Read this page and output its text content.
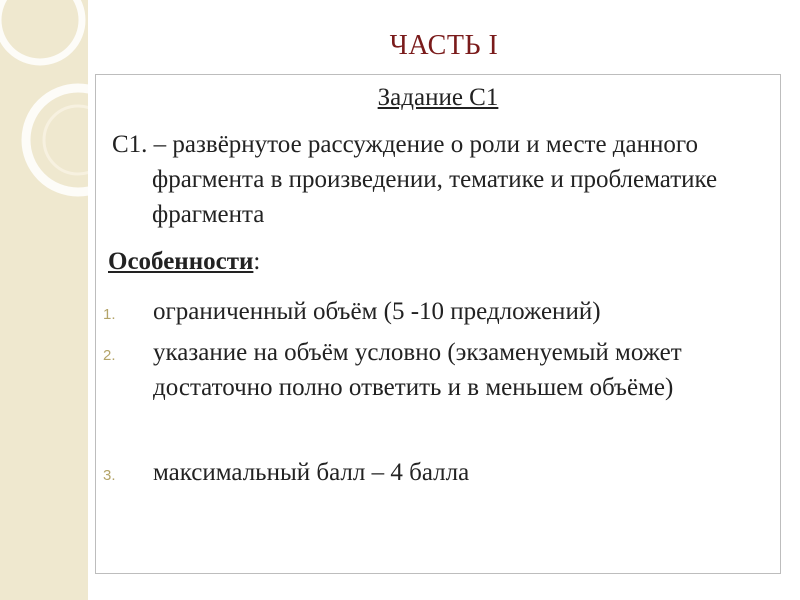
ЧАСТЬ I
Задание С1
С1. – развёрнутое рассуждение о роли и месте данного фрагмента в произведении, тематике и проблематике фрагмента
Особенности:
1. ограниченный объём (5 -10 предложений)
2. указание на объём условно (экзаменуемый может достаточно полно ответить и в меньшем объёме)
3. максимальный балл – 4 балла
